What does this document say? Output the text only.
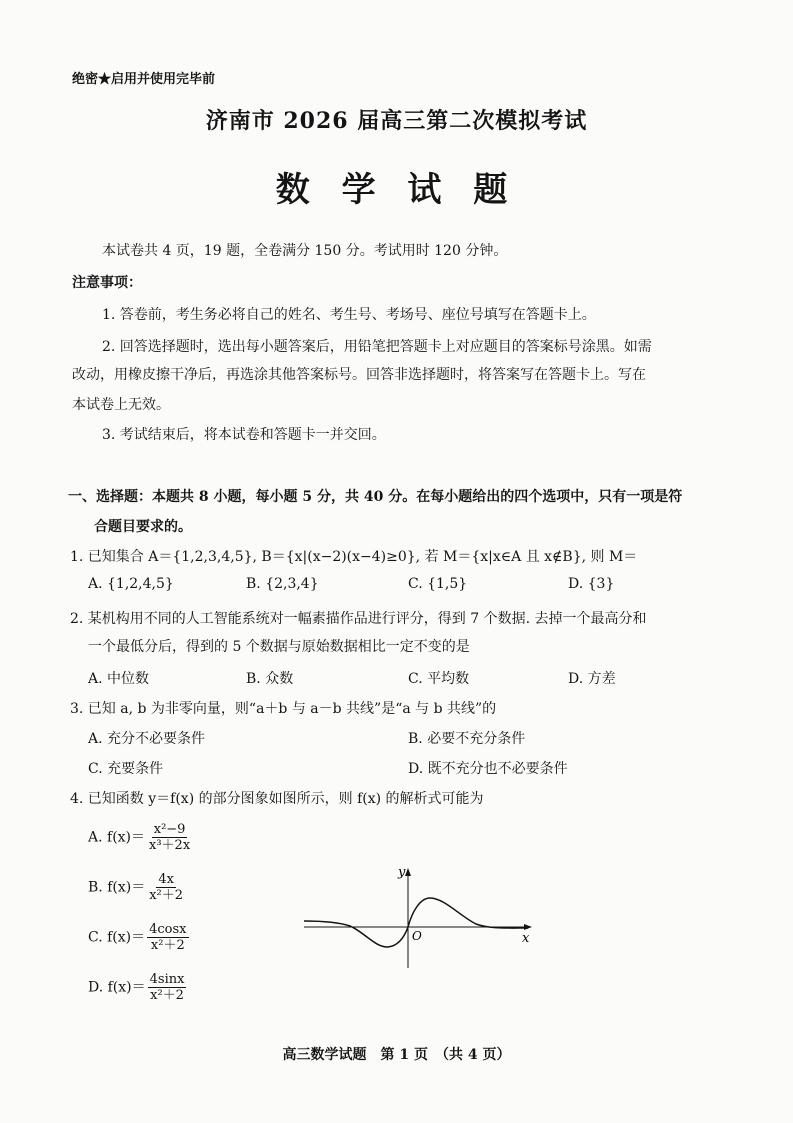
绝密★启用并使用完毕前
济南市 2026 届高三第二次模拟考试
数 学 试 题
本试卷共 4 页，19 题，全卷满分 150 分。考试用时 120 分钟。
注意事项：
1. 答卷前，考生务必将自己的姓名、考生号、考场号、座位号填写在答题卡上。
2. 回答选择题时，选出每小题答案后，用铅笔把答题卡上对应题目的答案标号涂黑。如需
改动，用橡皮擦干净后，再选涂其他答案标号。回答非选择题时，将答案写在答题卡上。写在
本试卷上无效。
3. 考试结束后，将本试卷和答题卡一并交回。
一、选择题：本题共 8 小题，每小题 5 分，共 40 分。在每小题给出的四个选项中，只有一项是符
合题目要求的。
1. 已知集合 A＝{1,2,3,4,5}, B＝{x|(x−2)(x−4)≥0}, 若 M＝{x|x∈A 且 x∉B}, 则 M＝
A. {1,2,4,5}	B. {2,3,4}	C. {1,5}	D. {3}
2. 某机构用不同的人工智能系统对一幅素描作品进行评分，得到 7 个数据. 去掉一个最高分和
一个最低分后，得到的 5 个数据与原始数据相比一定不变的是
A. 中位数	B. 众数	C. 平均数	D. 方差
3. 已知 a, b 为非零向量，则“a＋b 与 a－b 共线”是“a 与 b 共线”的
A. 充分不必要条件	B. 必要不充分条件
C. 充要条件	D. 既不充分也不必要条件
4. 已知函数 y＝f(x) 的部分图象如图所示，则 f(x) 的解析式可能为
A. $f(x)= \frac{\text{x²−9}}{\text{x³＋2x}}$
B. $f(x)= \frac{4x}{\text{x²＋2}}$
C. $f(x)= \frac{4\cos x}{\text{x²＋2}}$
D. $f(x)= \frac{4\sin x}{\text{x²＋2}}$
y
x
O
高三数学试题　第 1 页　（共 4 页）
